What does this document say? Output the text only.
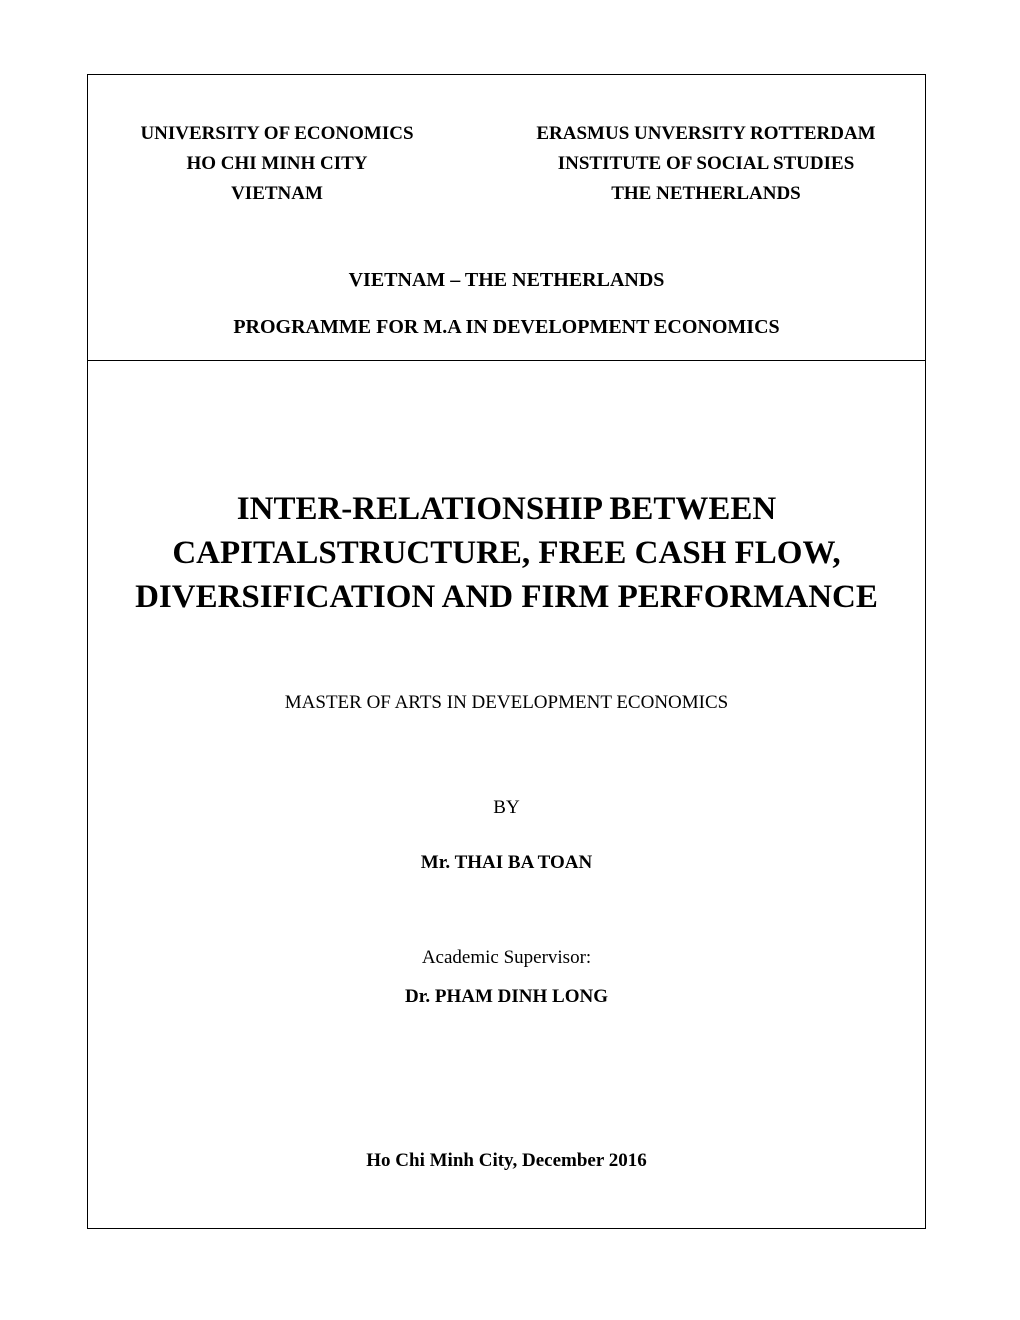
UNIVERSITY OF ECONOMICS
HO CHI MINH CITY
VIETNAM
ERASMUS UNVERSITY ROTTERDAM
INSTITUTE OF SOCIAL STUDIES
THE NETHERLANDS
VIETNAM – THE NETHERLANDS
PROGRAMME FOR M.A IN DEVELOPMENT ECONOMICS
INTER-RELATIONSHIP BETWEEN
CAPITALSTRUCTURE, FREE CASH FLOW,
DIVERSIFICATION AND FIRM PERFORMANCE
MASTER OF ARTS IN DEVELOPMENT ECONOMICS
BY
Mr. THAI BA TOAN
Academic Supervisor:
Dr. PHAM DINH LONG
Ho Chi Minh City, December 2016
